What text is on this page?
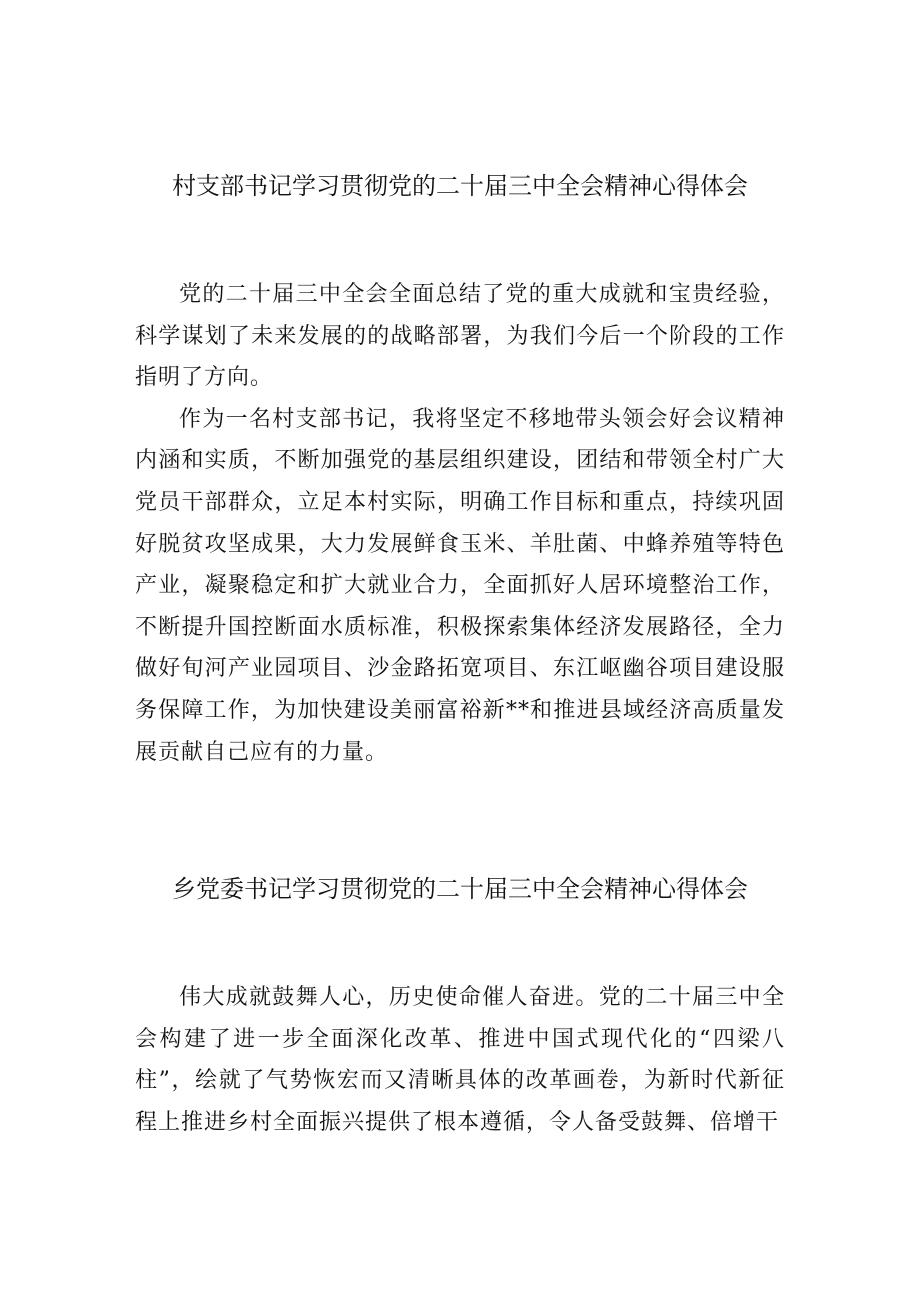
村支部书记学习贯彻党的二十届三中全会精神心得体会

党的二十届三中全会全面总结了党的重大成就和宝贵经验，科学谋划了未来发展的的战略部署，为我们今后一个阶段的工作指明了方向。

作为一名村支部书记，我将坚定不移地带头领会好会议精神内涵和实质，不断加强党的基层组织建设，团结和带领全村广大党员干部群众，立足本村实际，明确工作目标和重点，持续巩固好脱贫攻坚成果，大力发展鲜食玉米、羊肚菌、中蜂养殖等特色产业，凝聚稳定和扩大就业合力，全面抓好人居环境整治工作，不断提升国控断面水质标准，积极探索集体经济发展路径，全力做好旬河产业园项目、沙金路拓宽项目、东江岖幽谷项目建设服务保障工作，为加快建设美丽富裕新**和推进县域经济高质量发展贡献自己应有的力量。

乡党委书记学习贯彻党的二十届三中全会精神心得体会

伟大成就鼓舞人心，历史使命催人奋进。党的二十届三中全会构建了进一步全面深化改革、推进中国式现代化的“四梁八柱”，绘就了气势恢宏而又清晰具体的改革画卷，为新时代新征程上推进乡村全面振兴提供了根本遵循，令人备受鼓舞、倍增干
